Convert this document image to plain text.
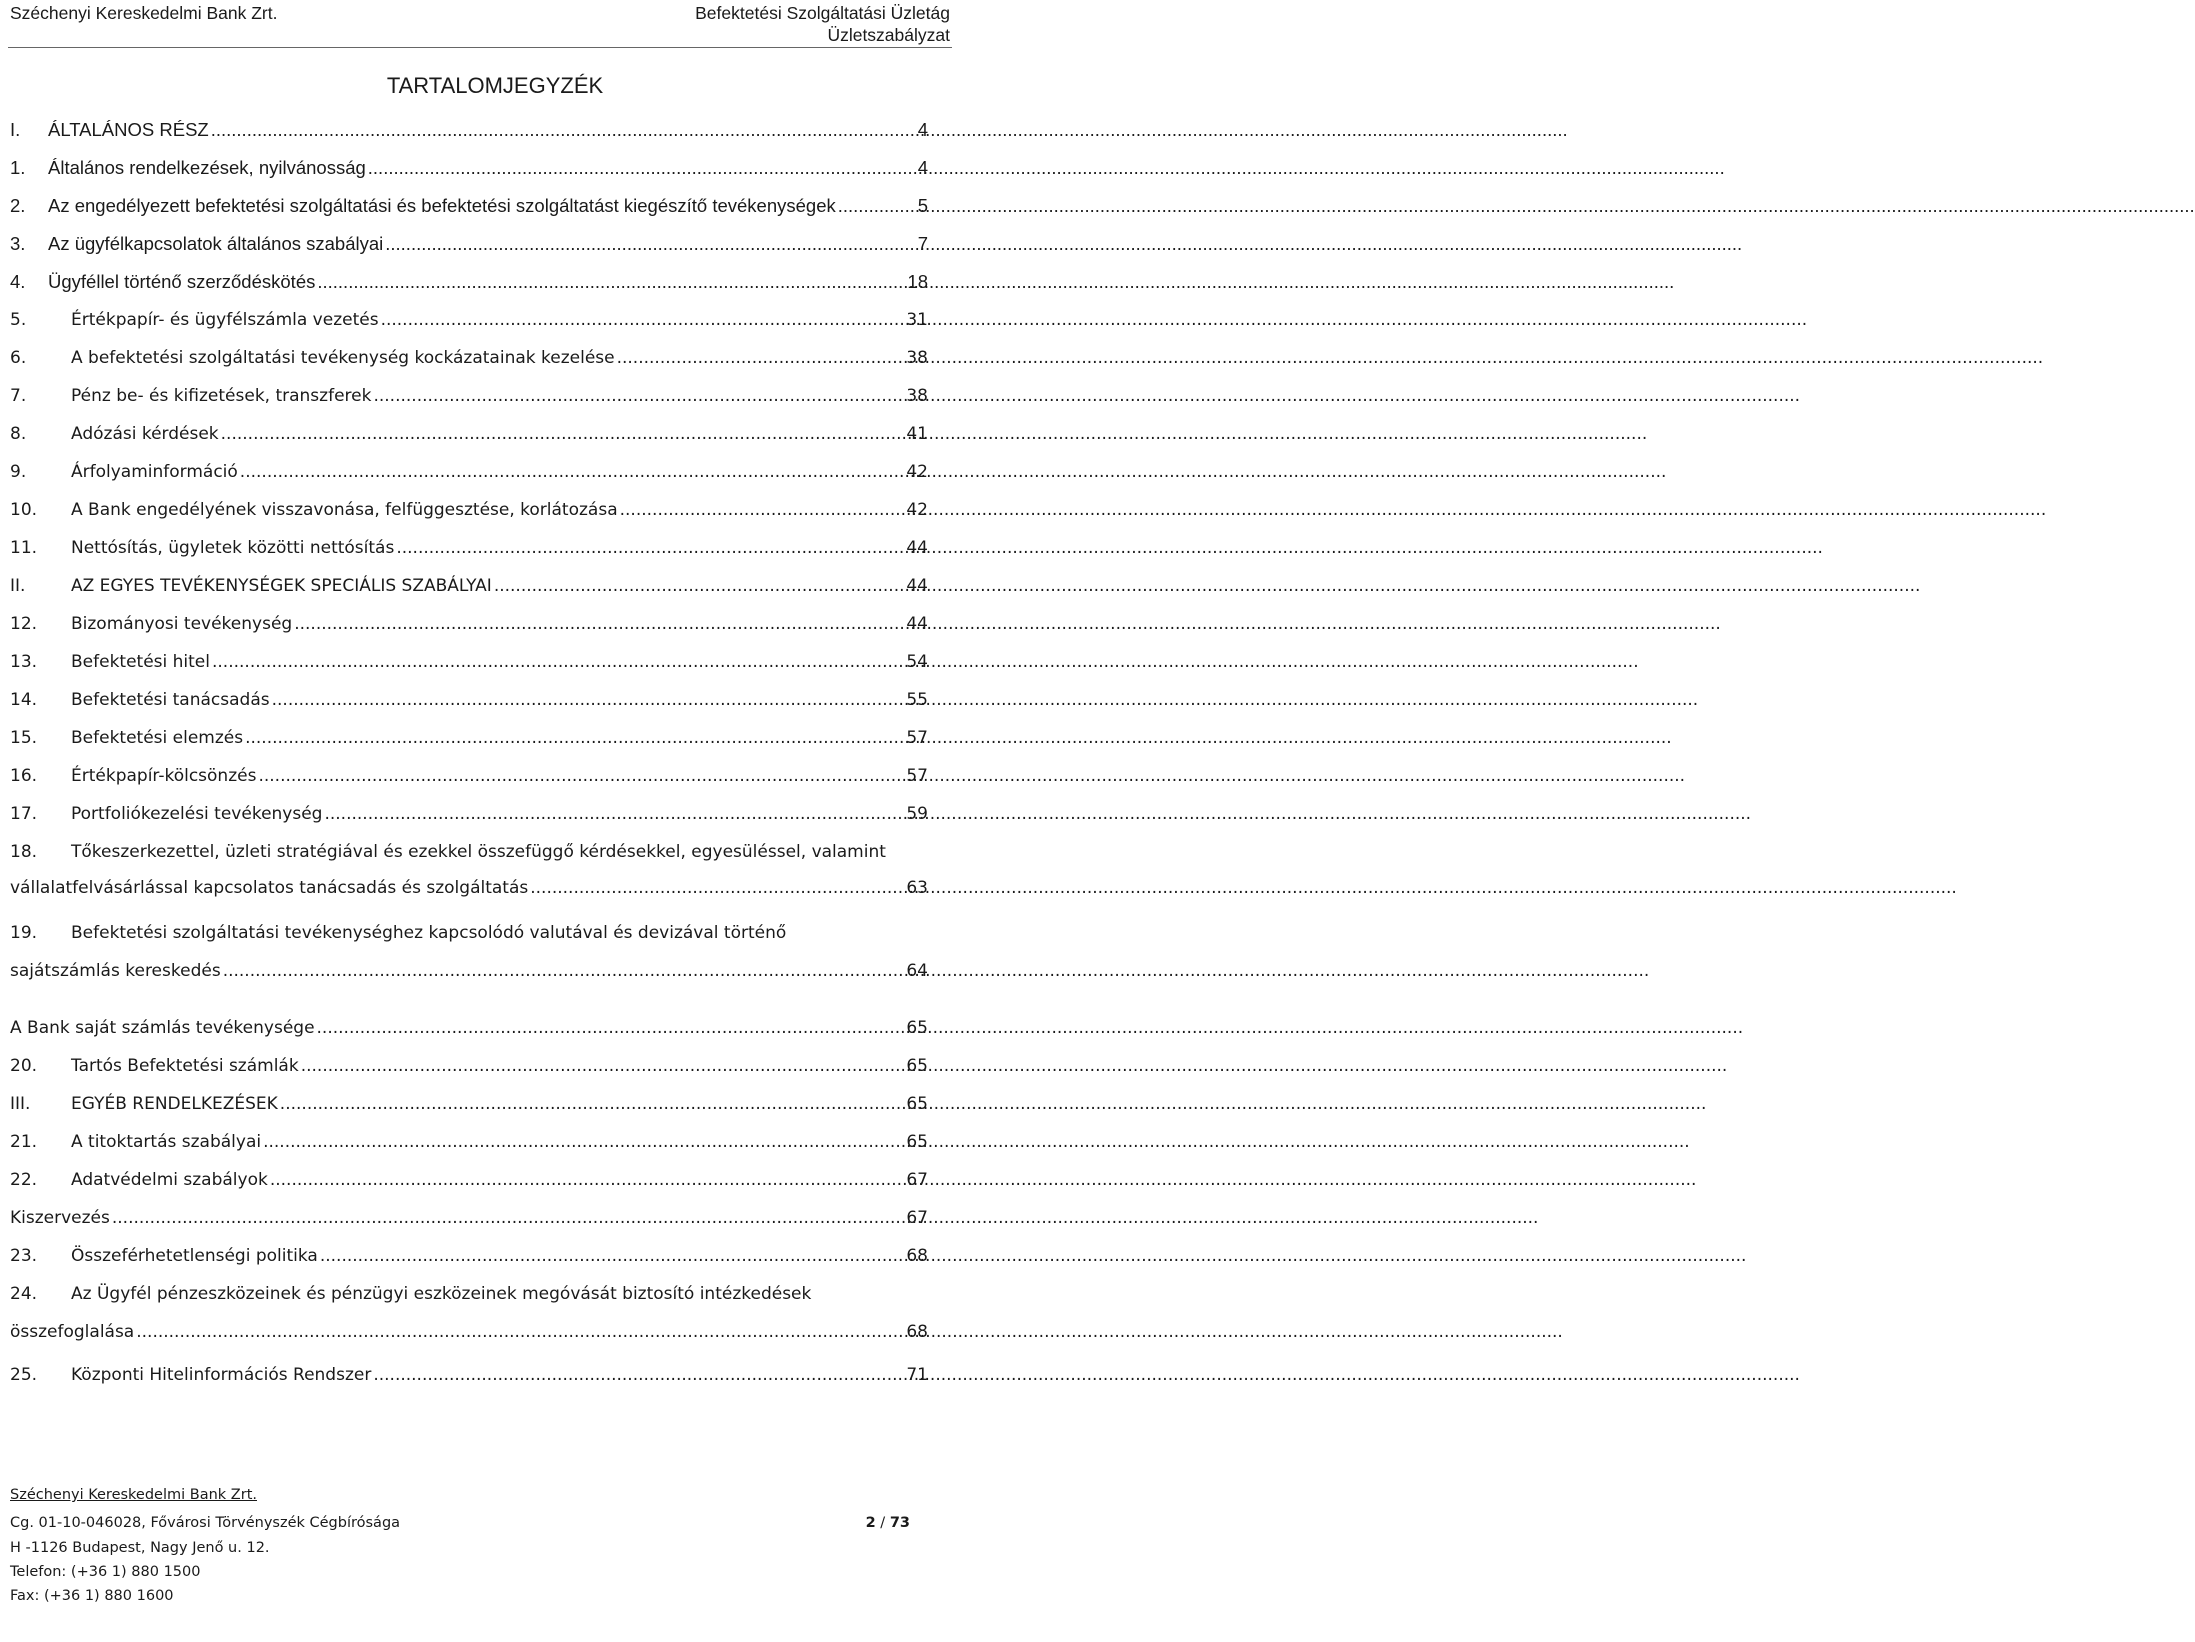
Széchenyi Kereskedelmi Bank Zrt.	Befektetési Szolgáltatási Üzletág
Üzletszabályzat
TARTALOMJEGYZÉK
I.	ÁLTALÁNOS RÉSZ .....	4
1.	Általános rendelkezések, nyilvánosság .....	4
2.	Az engedélyezett befektetési szolgáltatási és befektetési szolgáltatást kiegészítő tevékenységek .....	5
3.	Az ügyfélkapcsolatok általános szabályai .....	7
4.	Ügyféllel történő szerződéskötés .....	18
5.	Értékpapír- és ügyfélszámla vezetés .....	31
6.	A befektetési szolgáltatási tevékenység kockázatainak kezelése .....	38
7.	Pénz be- és kifizetések, transzferek .....	38
8.	Adózási kérdések .....	41
9.	Árfolyaminformáció .....	42
10.	A Bank engedélyének visszavonása, felfüggesztése, korlátozása .....	42
11.	Nettósítás, ügyletek közötti nettósítás .....	44
II.	AZ EGYES TEVÉKENYSÉGEK SPECIÁLIS SZABÁLYAI .....	44
12.	Bizományosi tevékenység .....	44
13.	Befektetési hitel .....	54
14.	Befektetési tanácsadás .....	55
15.	Befektetési elemzés .....	57
16.	Értékpapír-kölcsönzés .....	57
17.	Portfoliókezelési tevékenység .....	59
18. Tőkeszerkezettel, üzleti stratégiával és ezekkel összefüggő kérdésekkel, egyesüléssel, valamint
vállalatfelvásárlással kapcsolatos tanácsadás és szolgáltatás .....	63
19. Befektetési szolgáltatási tevékenységhez kapcsolódó valutával és devizával történő
sajátszámlás kereskedés .....	64
A Bank saját számlás tevékenysége .....	65
20.	Tartós Befektetési számlák .....	65
III.	EGYÉB RENDELKEZÉSEK .....	65
21.	A titoktartás szabályai .....	65
22.	Adatvédelmi szabályok .....	67
Kiszervezés .....	67
23.	Összeférhetetlenségi politika .....	68
24. Az Ügyfél pénzeszközeinek és pénzügyi eszközeinek megóvását biztosító intézkedések
összefoglalása .....	68
25.	Központi Hitelinformációs Rendszer .....	71
Széchenyi Kereskedelmi Bank Zrt.
Cg. 01-10-046028, Fővárosi Törvényszék Cégbírósága
H -1126 Budapest, Nagy Jenő u. 12.
Telefon: (+36 1) 880 1500
Fax: (+36 1) 880 1600
2 / 73
